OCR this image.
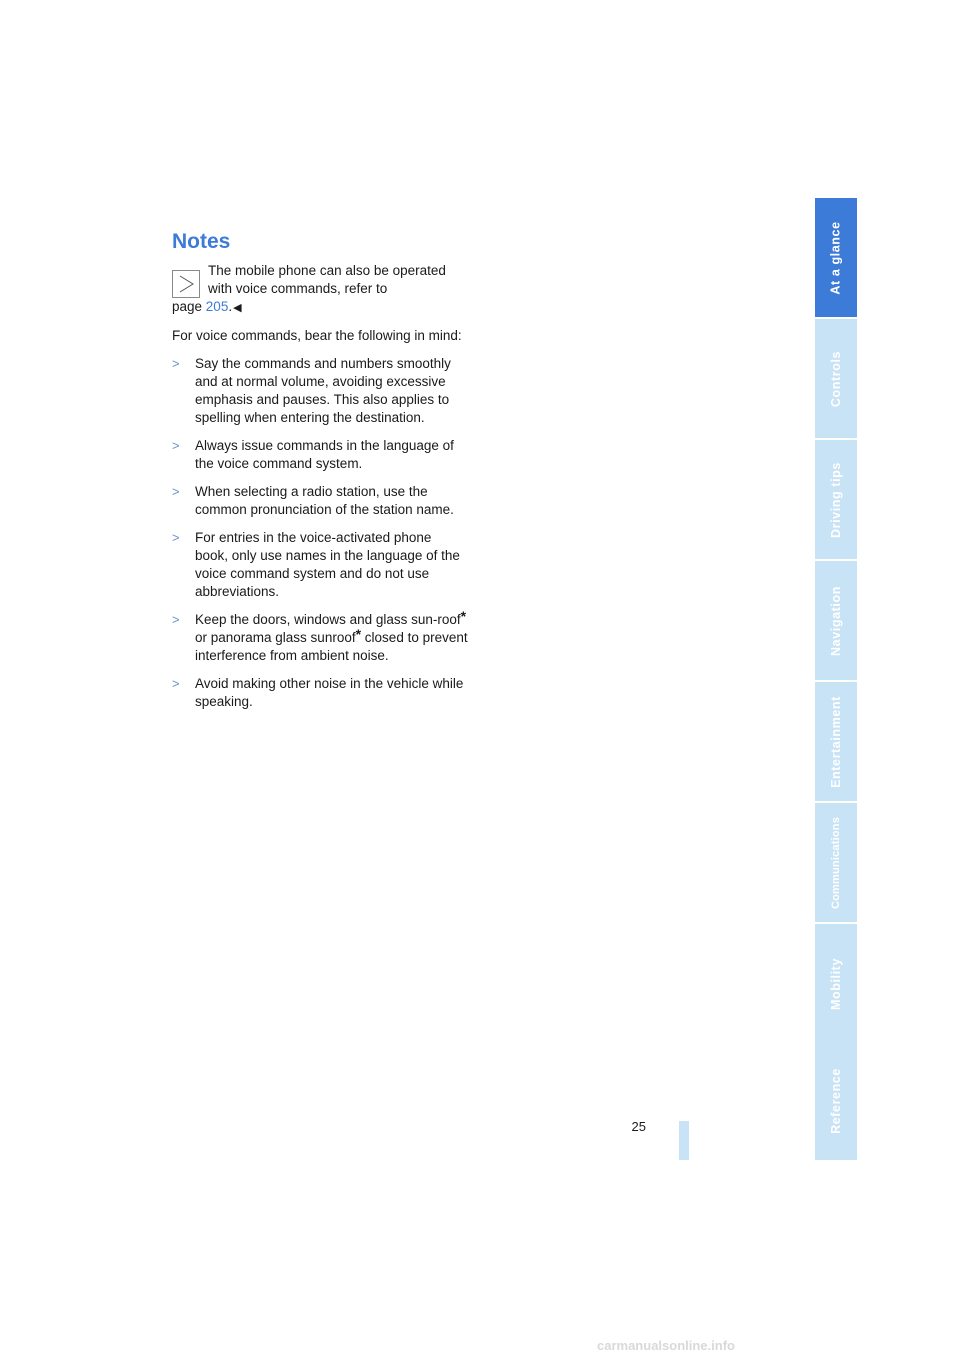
Notes
The mobile phone can also be operated
with voice commands, refer to
page 205.◀

For voice commands, bear the following in mind:

> Say the commands and numbers smoothly and at normal volume, avoiding excessive emphasis and pauses. This also applies to spelling when entering the destination.
> Always issue commands in the language of the voice command system.
> When selecting a radio station, use the common pronunciation of the station name.
> For entries in the voice-activated phone book, only use names in the language of the voice command system and do not use abbreviations.
> Keep the doors, windows and glass sun-roof* or panorama glass sunroof* closed to prevent interference from ambient noise.
> Avoid making other noise in the vehicle while speaking.
25
At a glance
Controls
Driving tips
Navigation
Entertainment
Communications
Mobility
Reference
carmanualsonline.info
